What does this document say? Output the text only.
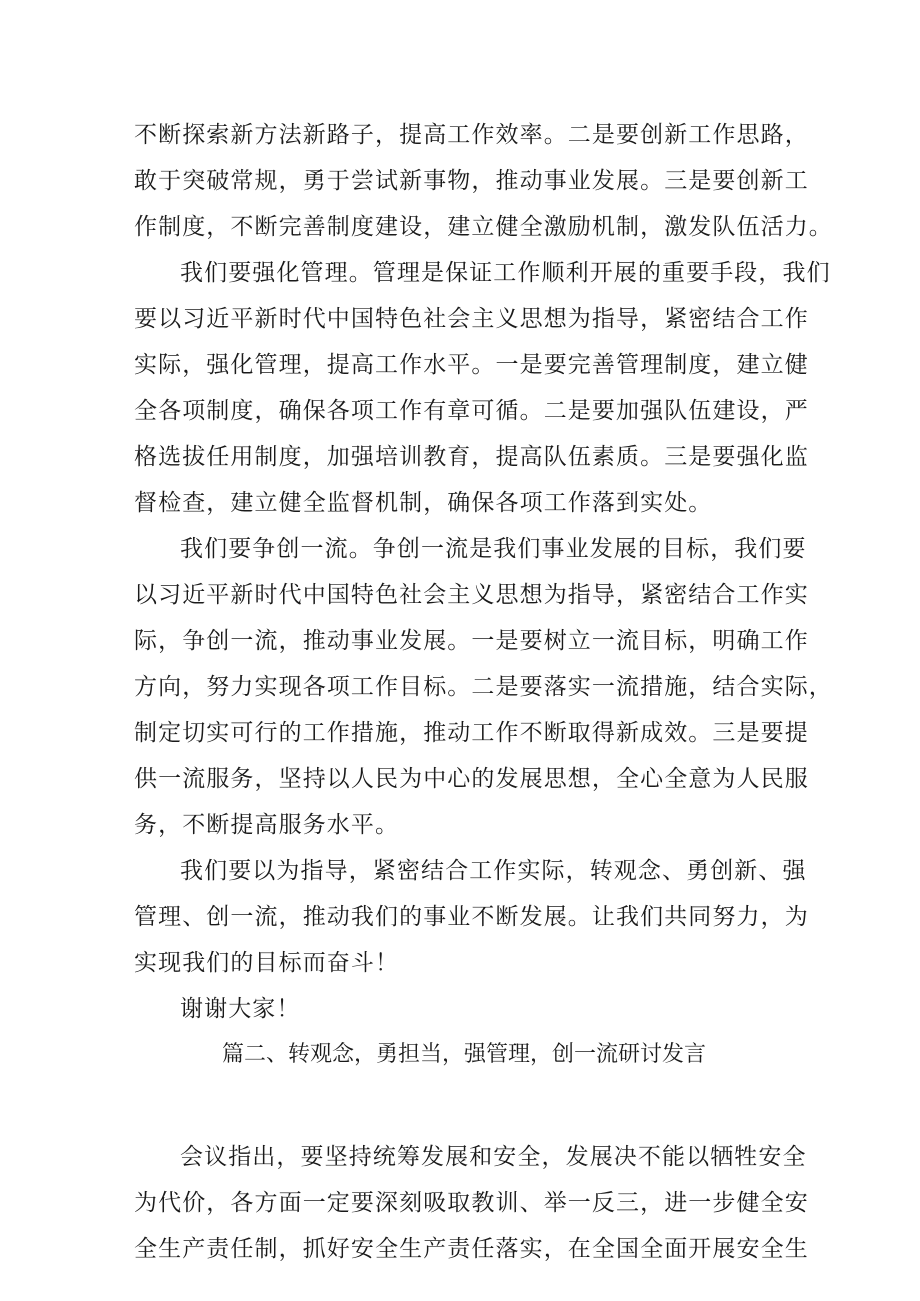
不断探索新方法新路子，提高工作效率。二是要创新工作思路，
敢于突破常规，勇于尝试新事物，推动事业发展。三是要创新工
作制度，不断完善制度建设，建立健全激励机制，激发队伍活力。
我们要强化管理。管理是保证工作顺利开展的重要手段，我们
要以习近平新时代中国特色社会主义思想为指导，紧密结合工作
实际，强化管理，提高工作水平。一是要完善管理制度，建立健
全各项制度，确保各项工作有章可循。二是要加强队伍建设，严
格选拔任用制度，加强培训教育，提高队伍素质。三是要强化监
督检查，建立健全监督机制，确保各项工作落到实处。
我们要争创一流。争创一流是我们事业发展的目标，我们要
以习近平新时代中国特色社会主义思想为指导，紧密结合工作实
际，争创一流，推动事业发展。一是要树立一流目标，明确工作
方向，努力实现各项工作目标。二是要落实一流措施，结合实际，
制定切实可行的工作措施，推动工作不断取得新成效。三是要提
供一流服务，坚持以人民为中心的发展思想，全心全意为人民服
务，不断提高服务水平。
我们要以为指导，紧密结合工作实际，转观念、勇创新、强
管理、创一流，推动我们的事业不断发展。让我们共同努力，为
实现我们的目标而奋斗！
谢谢大家！
篇二、转观念，勇担当，强管理，创一流研讨发言
会议指出，要坚持统筹发展和安全，发展决不能以牺牲安全
为代价，各方面一定要深刻吸取教训、举一反三，进一步健全安
全生产责任制，抓好安全生产责任落实，在全国全面开展安全生
